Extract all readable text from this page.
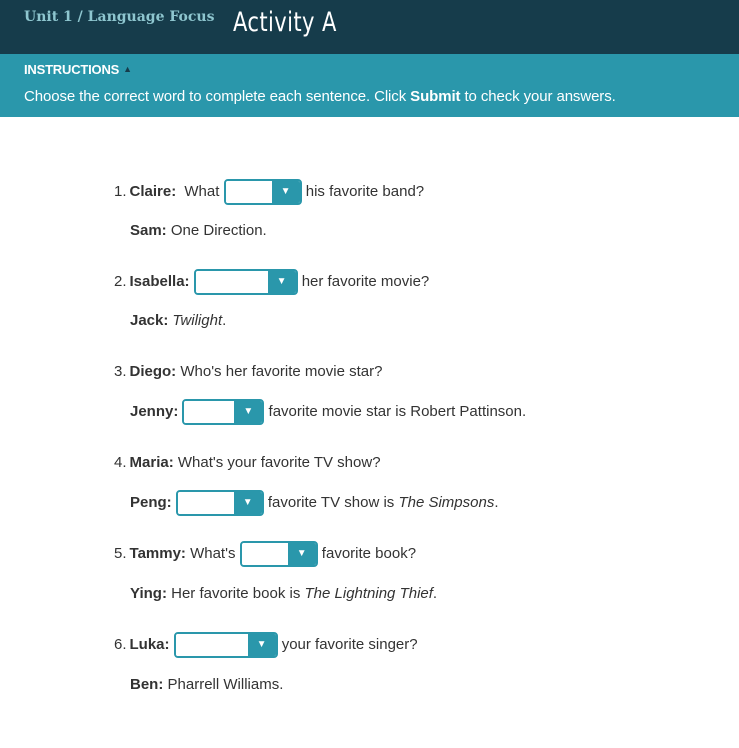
Unit 1 / Language Focus Activity A
INSTRUCTIONS ▲
Choose the correct word to complete each sentence. Click Submit to check your answers.
1. Claire: What	▼ his favorite band?
Sam: One Direction.
2. Isabella:	▼ her favorite movie?
Jack: Twilight .
3. Diego: Who's her favorite movie star?
Jenny:	▼ favorite movie star is Robert Pattinson.
4. Maria: What's your favorite TV show?
Peng:	▼ favorite TV show is The Simpsons .
5. Tammy: What's	▼ favorite book?
Ying: Her favorite book is The Lightning Thief .
6. Luka:	▼ your favorite singer?
Ben: Pharrell Williams.
